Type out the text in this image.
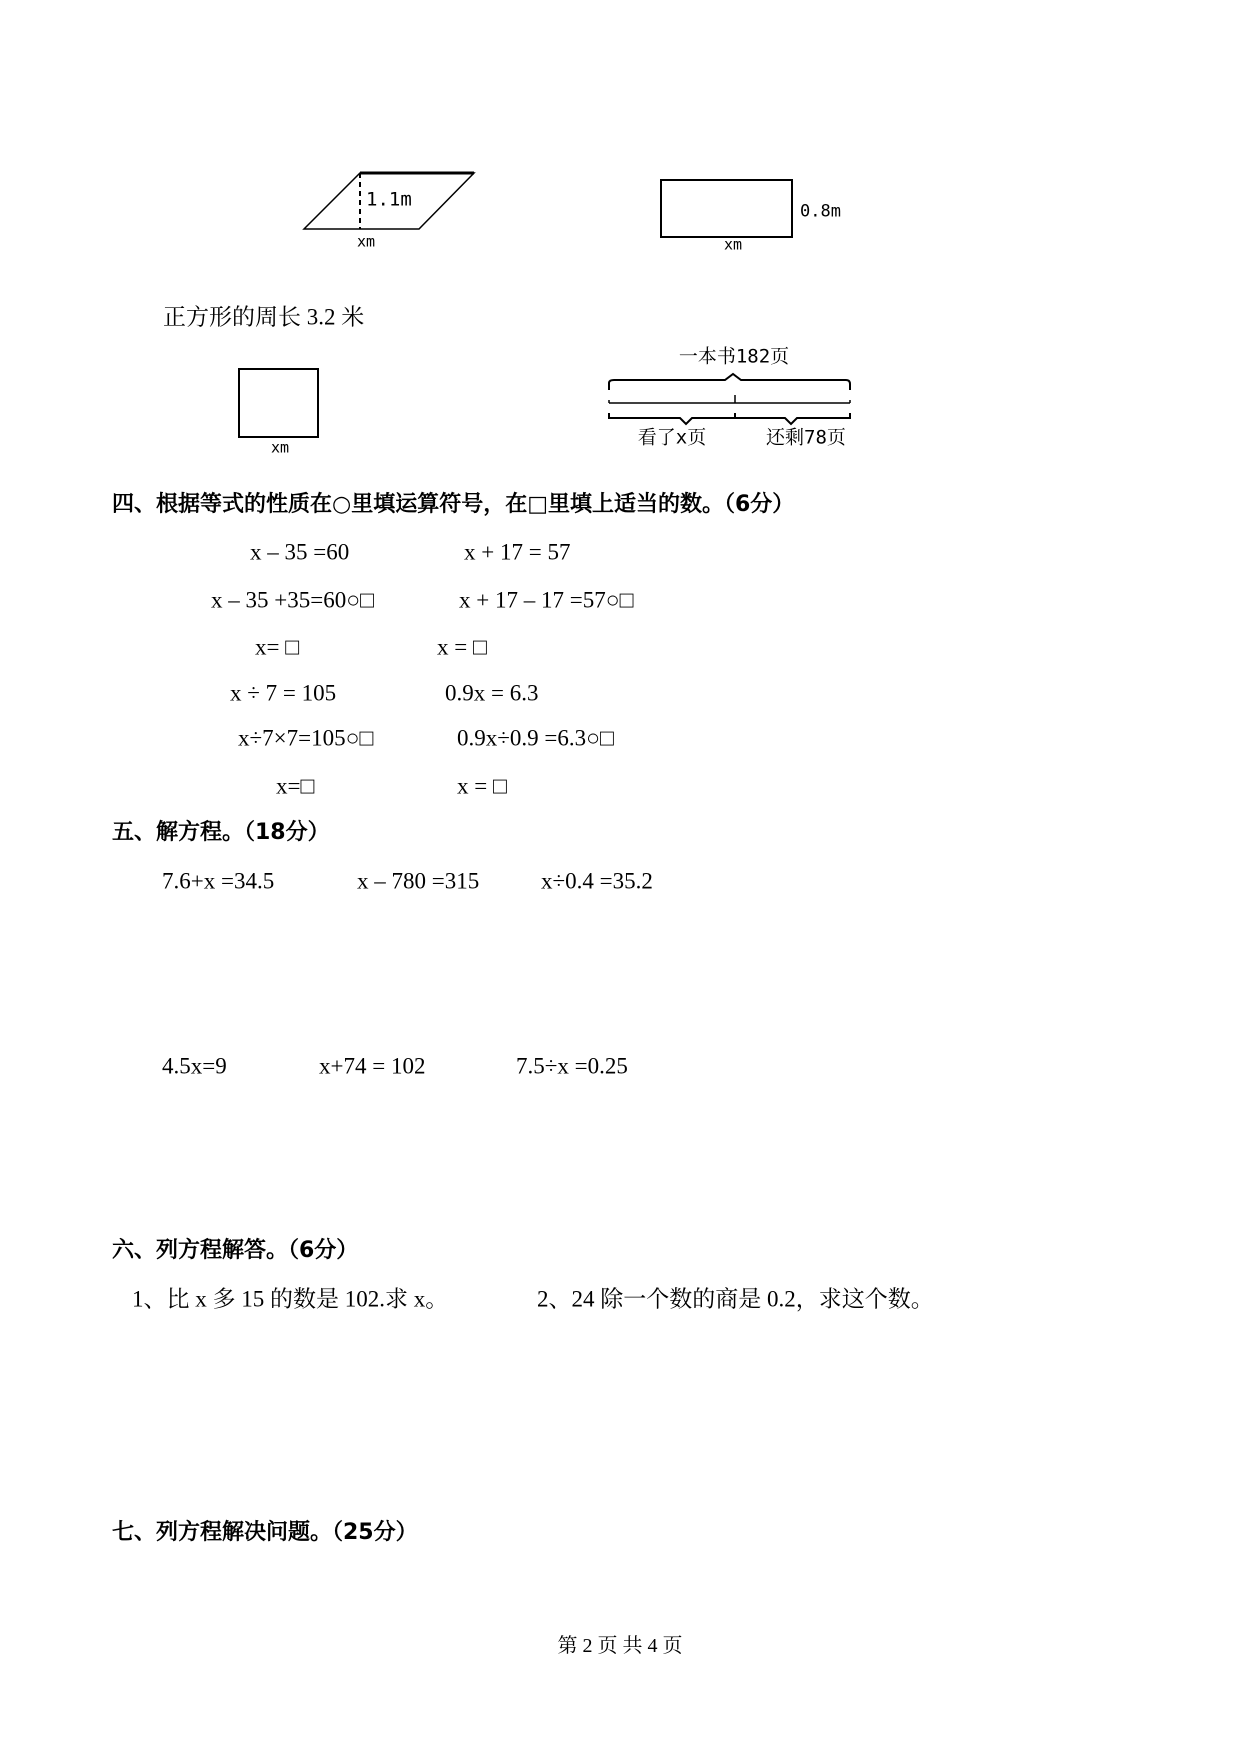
1.1m
xm
0.8m
xm
正方形的周长 3.2 米
xm
一本书182页
看了x页	还剩78页
四、根据等式的性质在○里填运算符号，在□里填上适当的数。（6分）
x – 35 =60
x – 35 +35=60○□
x= □
x ÷ 7 = 105
x÷7×7=105○□
x=□
x + 17 = 57
x + 17 – 17 =57○□
x = □
0.9x = 6.3
0.9x÷0.9 =6.3○□
x = □
五、解方程。（18分）
7.6+x =34.5	x – 780 =315	x÷0.4 =35.2
4.5x=9	x+74 = 102	7.5÷x =0.25
六、列方程解答。（6分）
1、比 x 多 15 的数是 102.求 x。	2、24 除一个数的商是 0.2，求这个数。
七、列方程解决问题。（25分）
第 2 页 共 4 页
